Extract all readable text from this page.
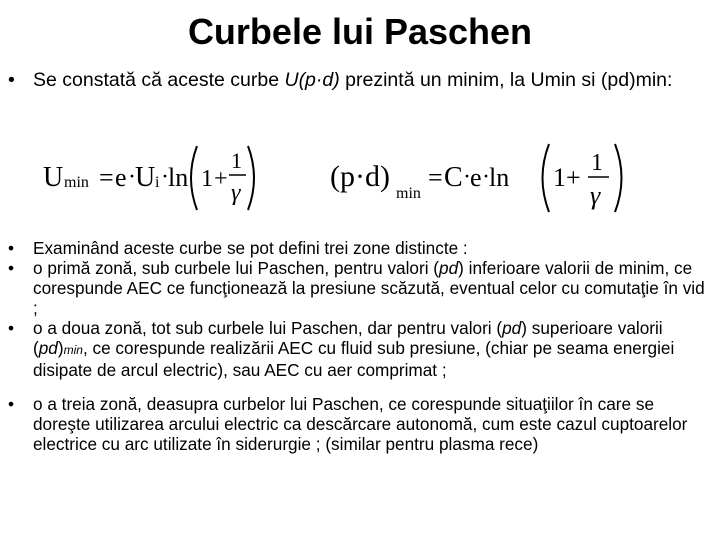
Curbele lui Paschen
• Se constată că aceste curbe U(p·d) prezintă un minim, la Umin si (pd)min:
U min = e · U i · ln 1 +
1
γ	(p·d)
min
= C · e · ln 1 + 1
γ
• Examinând aceste curbe se pot defini trei zone distincte :
• o primă zonă, sub curbele lui Paschen, pentru valori (pd) inferioare valorii de minim, ce corespunde AEC ce funcţionează la presiune scăzută, eventual celor cu comutaţie în vid ;
• o a doua zonă, tot sub curbele lui Paschen, dar pentru valori (pd) superioare valorii (pd)min, ce corespunde realizării AEC cu fluid sub presiune, (chiar pe seama energiei disipate de arcul electric), sau AEC cu aer comprimat ;
• o a treia zonă, deasupra curbelor lui Paschen, ce corespunde situaţiilor în care se doreşte utilizarea arcului electric ca descărcare autonomă, cum este cazul cuptoarelor electrice cu arc utilizate în siderurgie ; (similar pentru plasma rece)
